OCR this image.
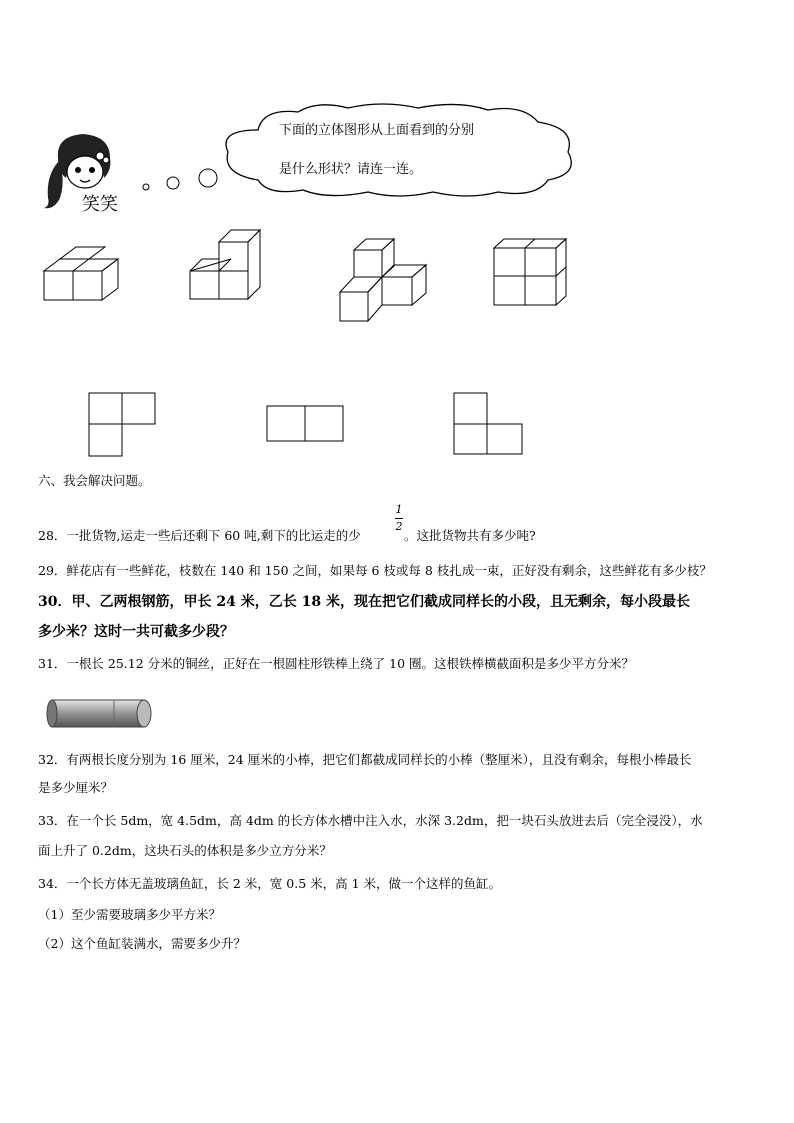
笑笑
下面的立体图形从上面看到的分别
是什么形状？请连一连。
六、我会解决问题。
28．一批货物,运走一些后还剩下 60 吨,剩下的比运走的少
1
2
。这批货物共有多少吨?
29．鲜花店有一些鲜花，枝数在 140 和 150 之间，如果每 6 枝或每 8 枝扎成一束，正好没有剩余，这些鲜花有多少枝？
30．甲、乙两根钢筋，甲长 24 米，乙长 18 米，现在把它们截成同样长的小段，且无剩余，每小段最长
多少米？这时一共可截多少段？
31．一根长 25.12 分米的铜丝，正好在一根圆柱形铁棒上绕了 10 圈。这根铁棒横截面积是多少平方分米？
32．有两根长度分别为 16 厘米，24 厘米的小棒，把它们都截成同样长的小棒（整厘米），且没有剩余，每根小棒最长
是多少厘米？
33．在一个长 5dm，宽 4.5dm，高 4dm 的长方体水槽中注入水，水深 3.2dm，把一块石头放进去后（完全浸没），水
面上升了 0.2dm，这块石头的体积是多少立方分米？
34．一个长方体无盖玻璃鱼缸，长 2 米，宽 0.5 米，高 1 米，做一个这样的鱼缸。
（1）至少需要玻璃多少平方米？
（2）这个鱼缸装满水，需要多少升？
